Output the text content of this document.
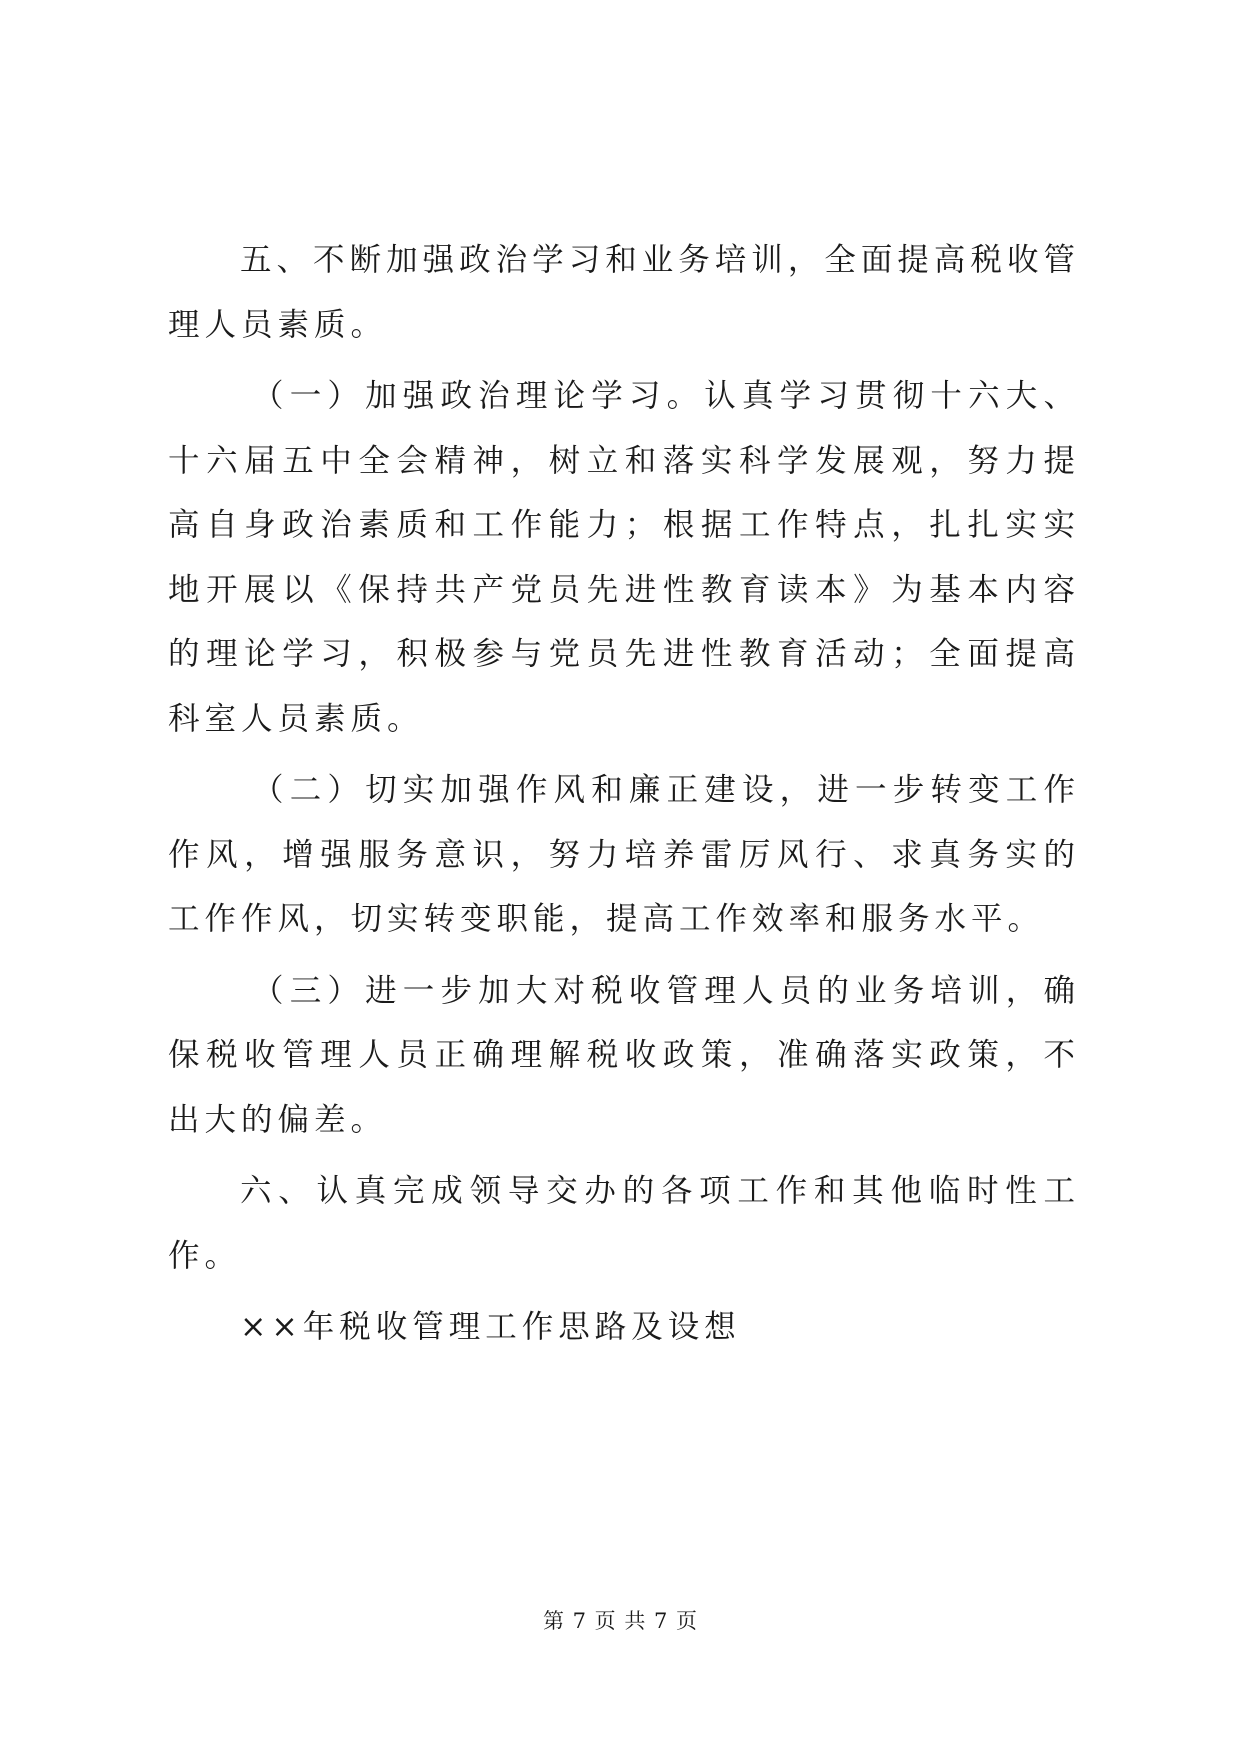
五、不断加强政治学习和业务培训，全面提高税收管理人员素质。

（一）加强政治理论学习。认真学习贯彻十六大、十六届五中全会精神，树立和落实科学发展观，努力提高自身政治素质和工作能力；根据工作特点，扎扎实实地开展以《保持共产党员先进性教育读本》为基本内容的理论学习，积极参与党员先进性教育活动；全面提高科室人员素质。

（二）切实加强作风和廉正建设，进一步转变工作作风，增强服务意识，努力培养雷厉风行、求真务实的工作作风，切实转变职能，提高工作效率和服务水平。

（三）进一步加大对税收管理人员的业务培训，确保税收管理人员正确理解税收政策，准确落实政策，不出大的偏差。

六、认真完成领导交办的各项工作和其他临时性工作。

××年税收管理工作思路及设想

第 7 页 共 7 页
